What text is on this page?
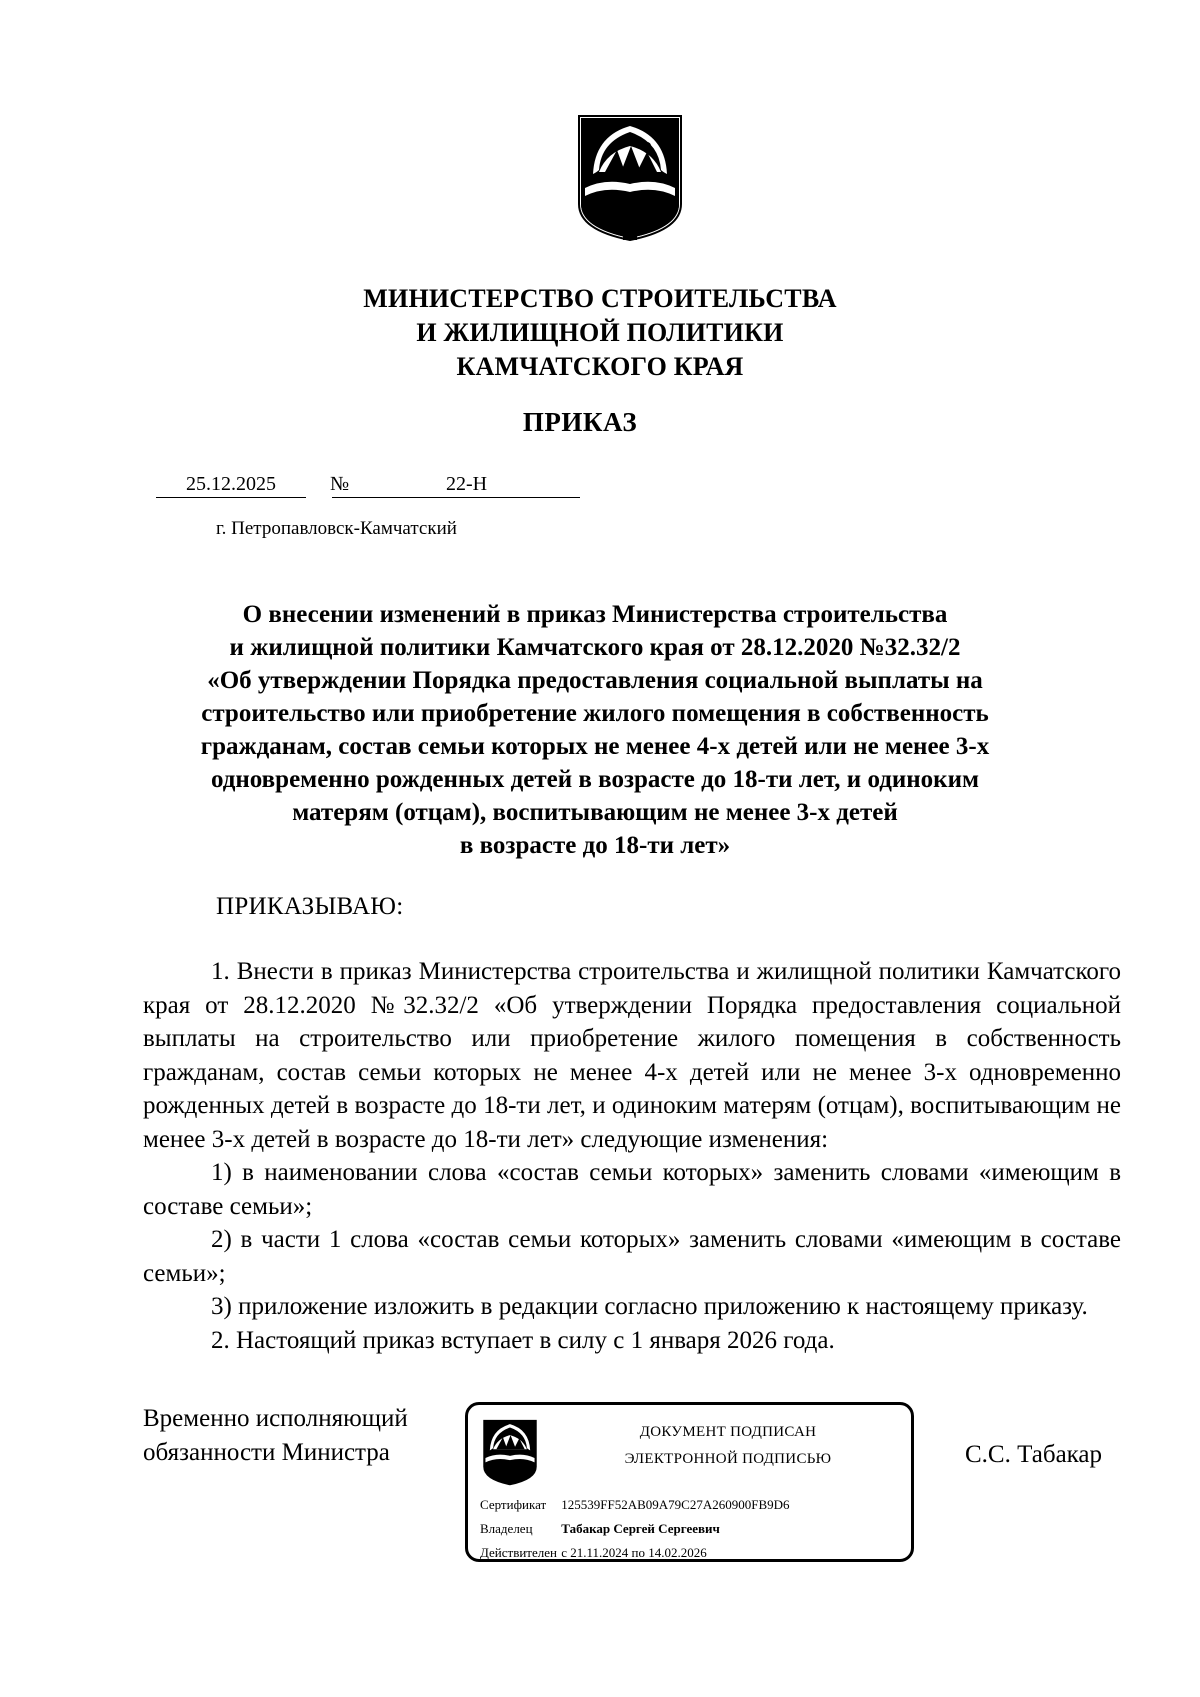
МИНИСТЕРСТВО СТРОИТЕЛЬСТВА
И ЖИЛИЩНОЙ ПОЛИТИКИ
КАМЧАТСКОГО КРАЯ
ПРИКАЗ
25.12.2025	№	22-Н
г. Петропавловск-Камчатский
О внесении изменений в приказ Министерства строительства
и жилищной политики Камчатского края от 28.12.2020 №32.32/2
«Об утверждении Порядка предоставления социальной выплаты на
строительство или приобретение жилого помещения в собственность
гражданам, состав семьи которых не менее 4-х детей или не менее 3-х
одновременно рожденных детей в возрасте до 18-ти лет, и одиноким
матерям (отцам), воспитывающим не менее 3-х детей
в возрасте до 18-ти лет»
ПРИКАЗЫВАЮ:

1. Внести в приказ Министерства строительства и жилищной политики Камчатского края от 28.12.2020 №32.32/2 «Об утверждении Порядка предоставления социальной выплаты на строительство или приобретение жилого помещения в собственность гражданам, состав семьи которых не менее 4-х детей или не менее 3-х одновременно рожденных детей в возрасте до 18-ти лет, и одиноким матерям (отцам), воспитывающим не менее 3-х детей в возрасте до 18-ти лет» следующие изменения:

1) в наименовании слова «состав семьи которых» заменить словами «имеющим в составе семьи»;

2) в части 1 слова «состав семьи которых» заменить словами «имеющим в составе семьи»;

3) приложение изложить в редакции согласно приложению к настоящему приказу.

2. Настоящий приказ вступает в силу с 1 января 2026 года.

Временно исполняющий
обязанности Министра
ДОКУМЕНТ ПОДПИСАН
ЭЛЕКТРОННОЙ ПОДПИСЬЮ
Сертификат 125539FF52AB09A79C27A260900FB9D6
Владелец Табакар Сергей Сергеевич
Действителен с 21.11.2024 по 14.02.2026
С.С. Табакар
